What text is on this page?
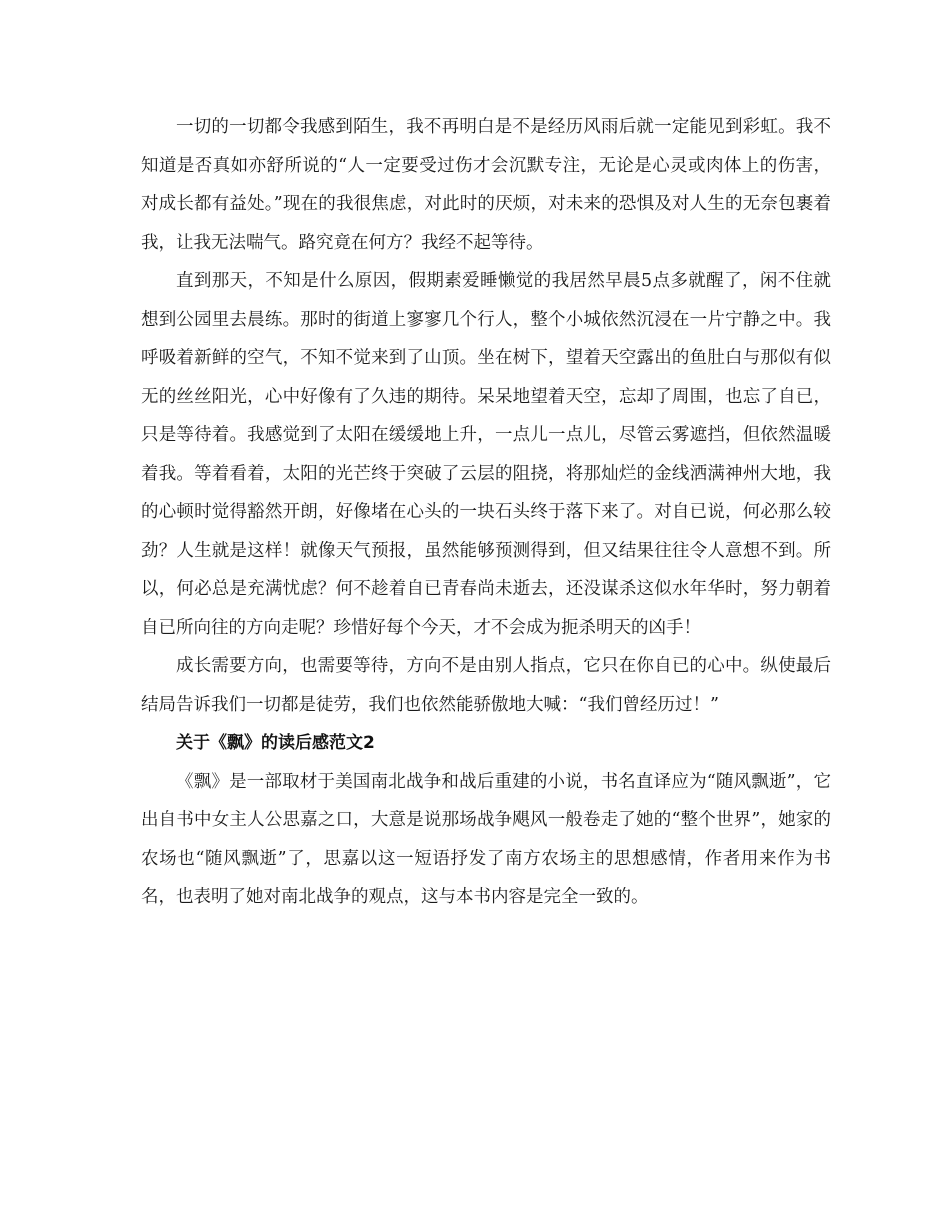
一切的一切都令我感到陌生，我不再明白是不是经历风雨后就一定能见到彩虹。我不知道是否真如亦舒所说的“人一定要受过伤才会沉默专注，无论是心灵或肉体上的伤害，对成长都有益处。”现在的我很焦虑，对此时的厌烦，对未来的恐惧及对人生的无奈包裹着我，让我无法喘气。路究竟在何方？我经不起等待。

直到那天，不知是什么原因，假期素爱睡懒觉的我居然早晨5点多就醒了，闲不住就想到公园里去晨练。那时的街道上寥寥几个行人，整个小城依然沉浸在一片宁静之中。我呼吸着新鲜的空气，不知不觉来到了山顶。坐在树下，望着天空露出的鱼肚白与那似有似无的丝丝阳光，心中好像有了久违的期待。呆呆地望着天空，忘却了周围，也忘了自已，只是等待着。我感觉到了太阳在缓缓地上升，一点儿一点儿，尽管云雾遮挡，但依然温暖着我。等着看着，太阳的光芒终于突破了云层的阻挠，将那灿烂的金线洒满神州大地，我的心顿时觉得豁然开朗，好像堵在心头的一块石头终于落下来了。对自已说，何必那么较劲？人生就是这样！就像天气预报，虽然能够预测得到，但又结果往往令人意想不到。所以，何必总是充满忧虑？何不趁着自已青春尚未逝去，还没谋杀这似水年华时，努力朝着自已所向往的方向走呢？珍惜好每个今天，才不会成为扼杀明天的凶手！

成长需要方向，也需要等待，方向不是由别人指点，它只在你自已的心中。纵使最后结局告诉我们一切都是徒劳，我们也依然能骄傲地大喊：“我们曾经历过！”

关于《飘》的读后感范文2

《飘》是一部取材于美国南北战争和战后重建的小说，书名直译应为“随风飘逝”，它出自书中女主人公思嘉之口，大意是说那场战争飓风一般卷走了她的“整个世界”，她家的农场也“随风飘逝”了，思嘉以这一短语抒发了南方农场主的思想感情，作者用来作为书名，也表明了她对南北战争的观点，这与本书内容是完全一致的。
